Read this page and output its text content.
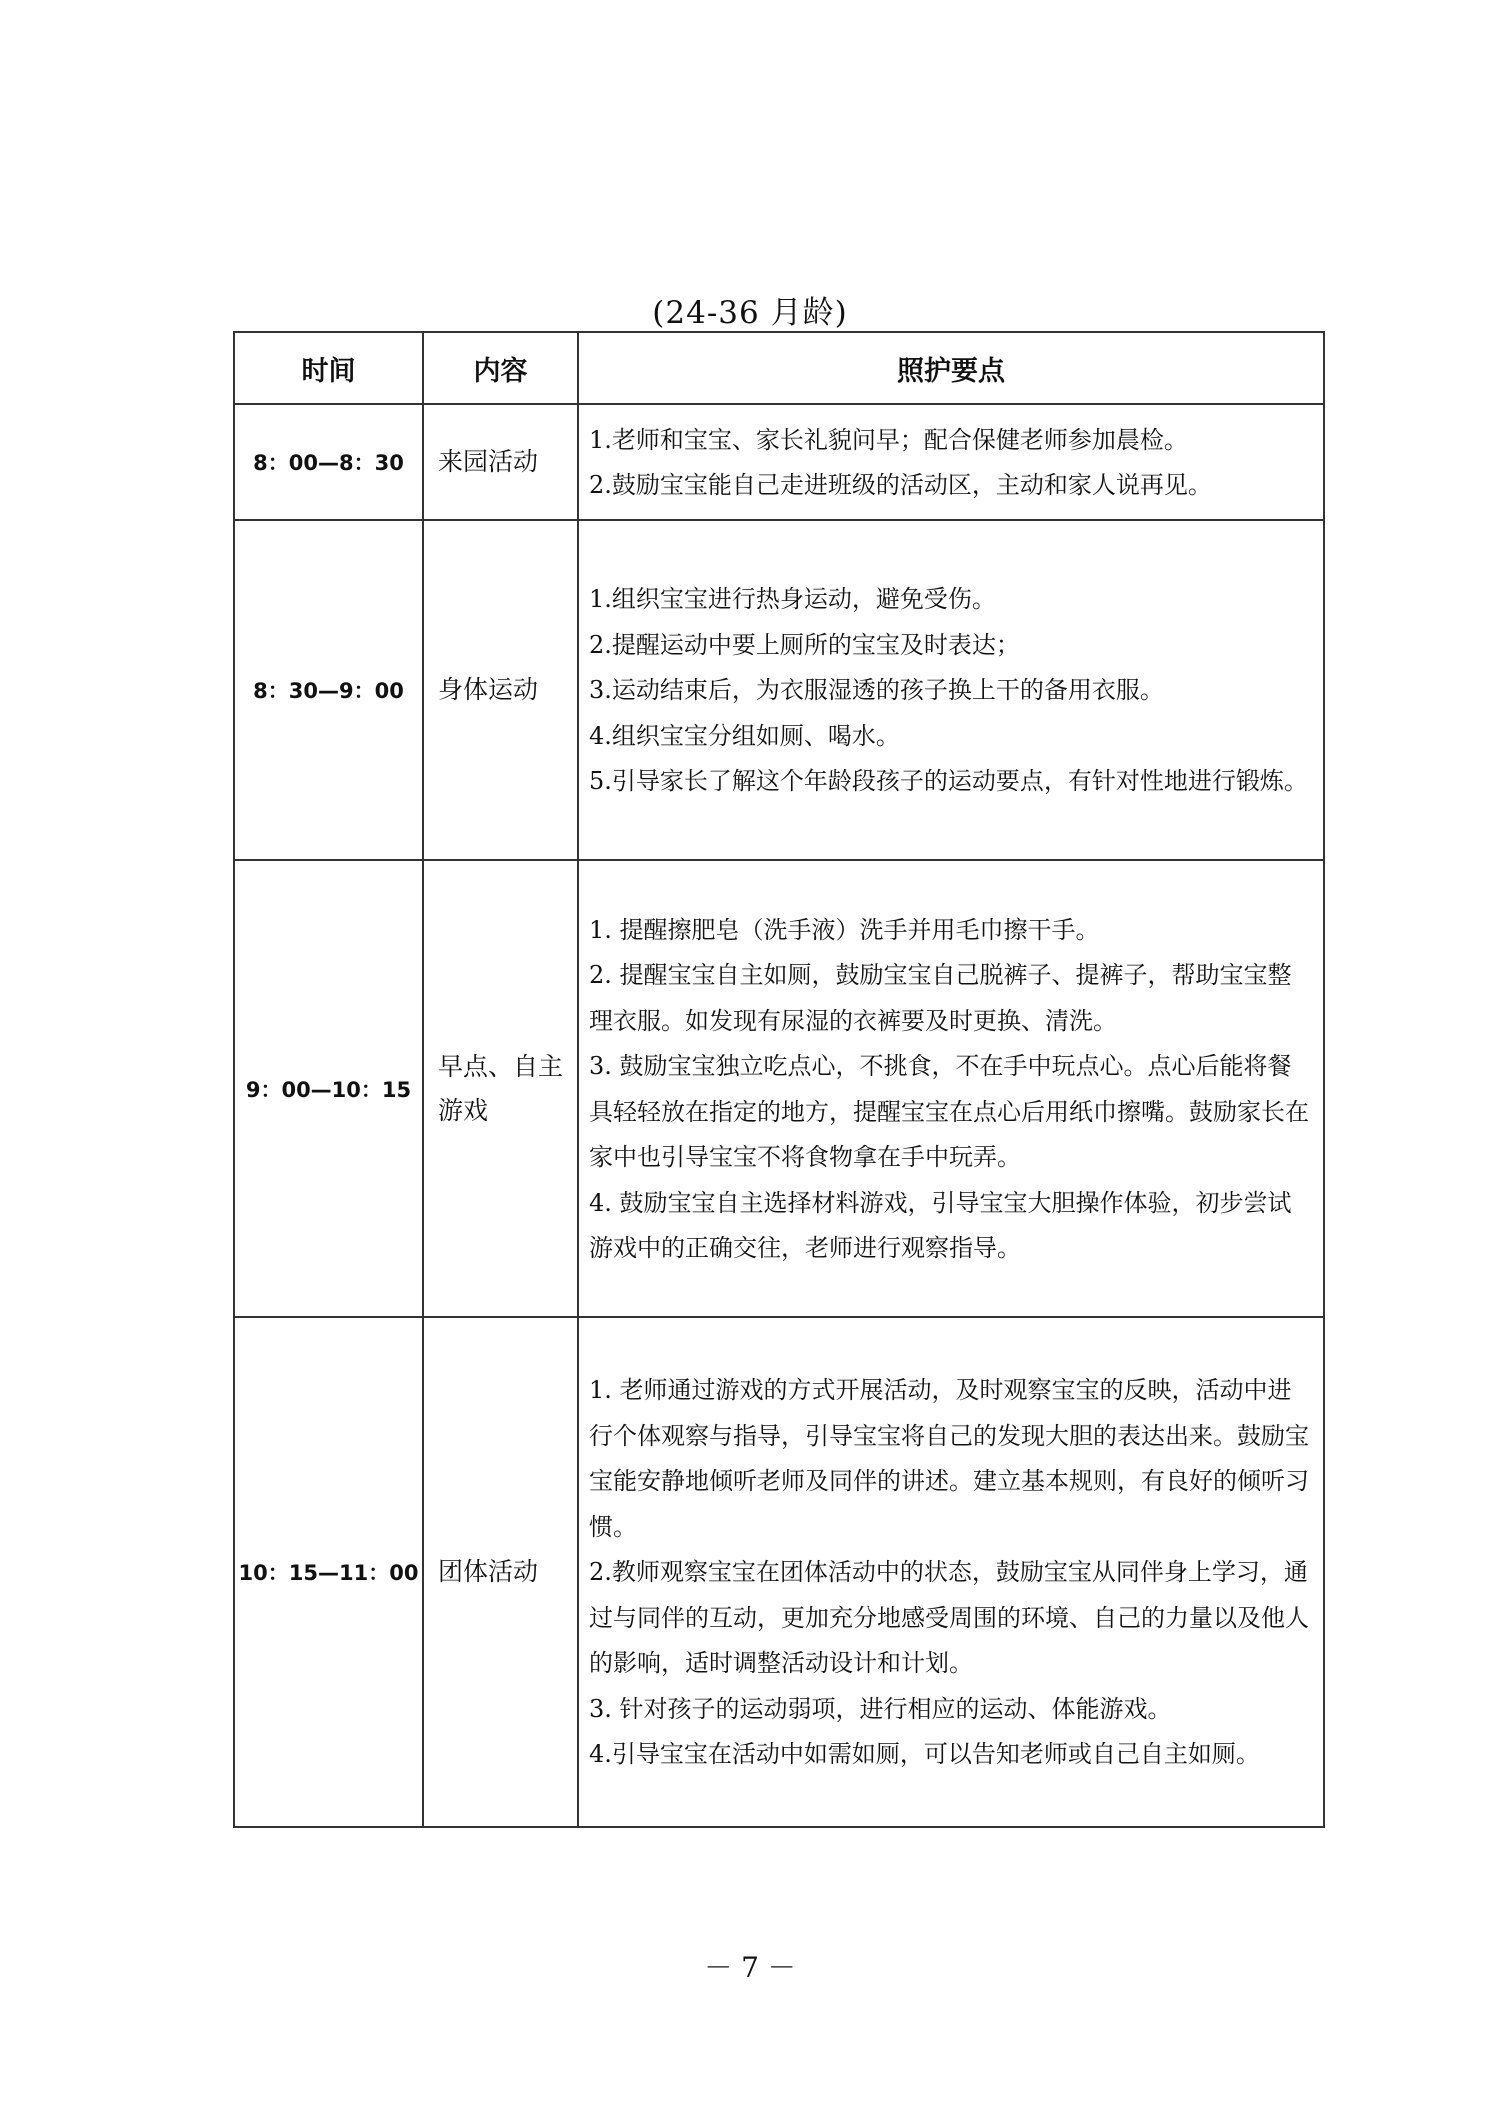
(24-36 月龄)
时间	内容	照护要点
8：00—8：30	来园活动	1.老师和宝宝、家长礼貌问早；配合保健老师参加晨检。

2.鼓励宝宝能自己走进班级的活动区，主动和家人说再见。

8：30—9：00	身体运动	1.组织宝宝进行热身运动，避免受伤。

2.提醒运动中要上厕所的宝宝及时表达；

3.运动结束后，为衣服湿透的孩子换上干的备用衣服。

4.组织宝宝分组如厕、喝水。

5.引导家长了解这个年龄段孩子的运动要点，有针对性地进行锻炼。

9：00—10：15	早点、自主游戏	1. 提醒擦肥皂（洗手液）洗手并用毛巾擦干手。

2. 提醒宝宝自主如厕，鼓励宝宝自己脱裤子、提裤子，帮助宝宝整理衣服。如发现有尿湿的衣裤要及时更换、清洗。

3. 鼓励宝宝独立吃点心，不挑食，不在手中玩点心。点心后能将餐具轻轻放在指定的地方，提醒宝宝在点心后用纸巾擦嘴。鼓励家长在家中也引导宝宝不将食物拿在手中玩弄。

4. 鼓励宝宝自主选择材料游戏，引导宝宝大胆操作体验，初步尝试游戏中的正确交往，老师进行观察指导。

10：15—11：00	团体活动	1. 老师通过游戏的方式开展活动，及时观察宝宝的反映，活动中进行个体观察与指导，引导宝宝将自己的发现大胆的表达出来。鼓励宝宝能安静地倾听老师及同伴的讲述。建立基本规则，有良好的倾听习惯。

2.教师观察宝宝在团体活动中的状态，鼓励宝宝从同伴身上学习，通过与同伴的互动，更加充分地感受周围的环境、自己的力量以及他人的影响，适时调整活动设计和计划。

3. 针对孩子的运动弱项，进行相应的运动、体能游戏。

4.引导宝宝在活动中如需如厕，可以告知老师或自己自主如厕。

－ 7 －
